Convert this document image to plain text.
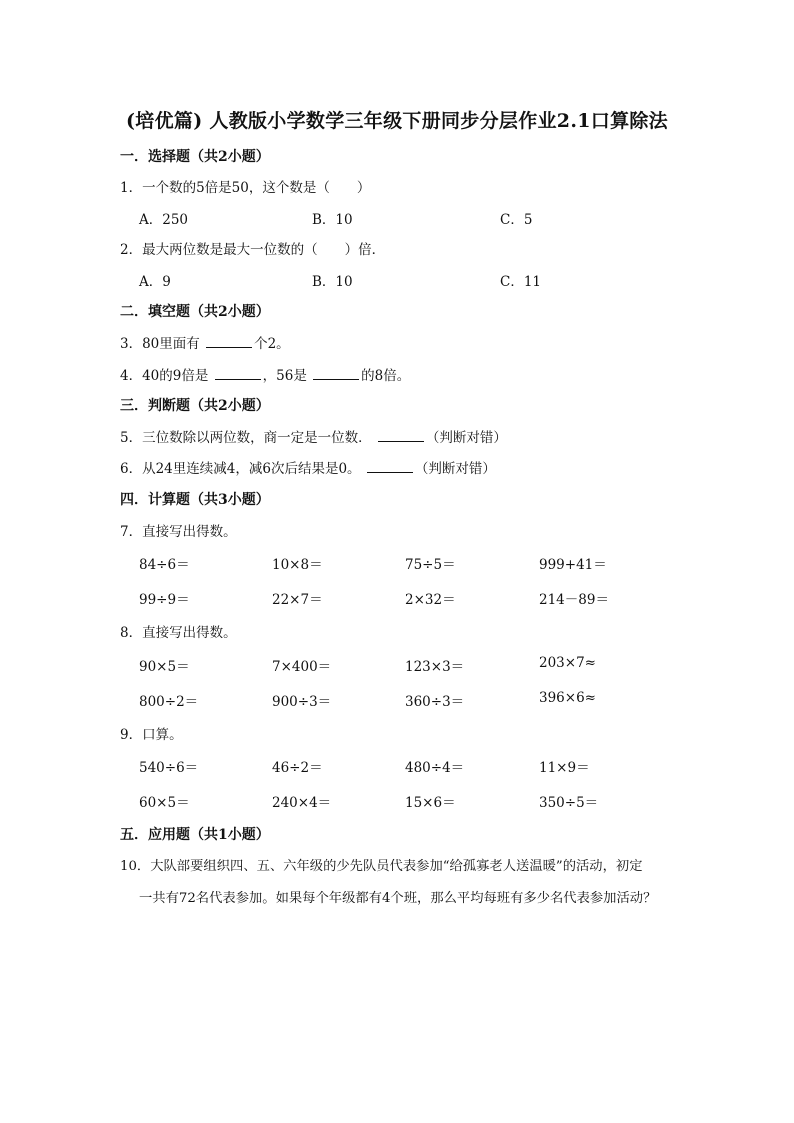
(培优篇) 人教版小学数学三年级下册同步分层作业2.1口算除法
一．选择题（共2小题）
1．一个数的5倍是50，这个数是（　　）
A．250	B．10	C．5
2．最大两位数是最大一位数的（　　）倍．
A．9	B．10	C．11
二．填空题（共2小题）
3．80里面有	个2。
4．40的9倍是	，56是	的8倍。
三．判断题（共2小题）
5．三位数除以两位数，商一定是一位数．	（判断对错）
6．从24里连续减4，减6次后结果是0。	（判断对错）
四．计算题（共3小题）
7．直接写出得数。
84÷6＝	10×8＝	75÷5＝	999+41＝
99÷9＝	22×7＝	2×32＝	214－89＝
8．直接写出得数。
90×5＝	7×400＝	123×3＝	203×7≈
800÷2＝	900÷3＝	360÷3＝	396×6≈
9．口算。
540÷6＝	46÷2＝	480÷4＝	11×9＝
60×5＝	240×4＝	15×6＝	350÷5＝
五．应用题（共1小题）
10．大队部要组织四、五、六年级的少先队员代表参加“给孤寡老人送温暖”的活动，初定
一共有72名代表参加。如果每个年级都有4个班，那么平均每班有多少名代表参加活动？
